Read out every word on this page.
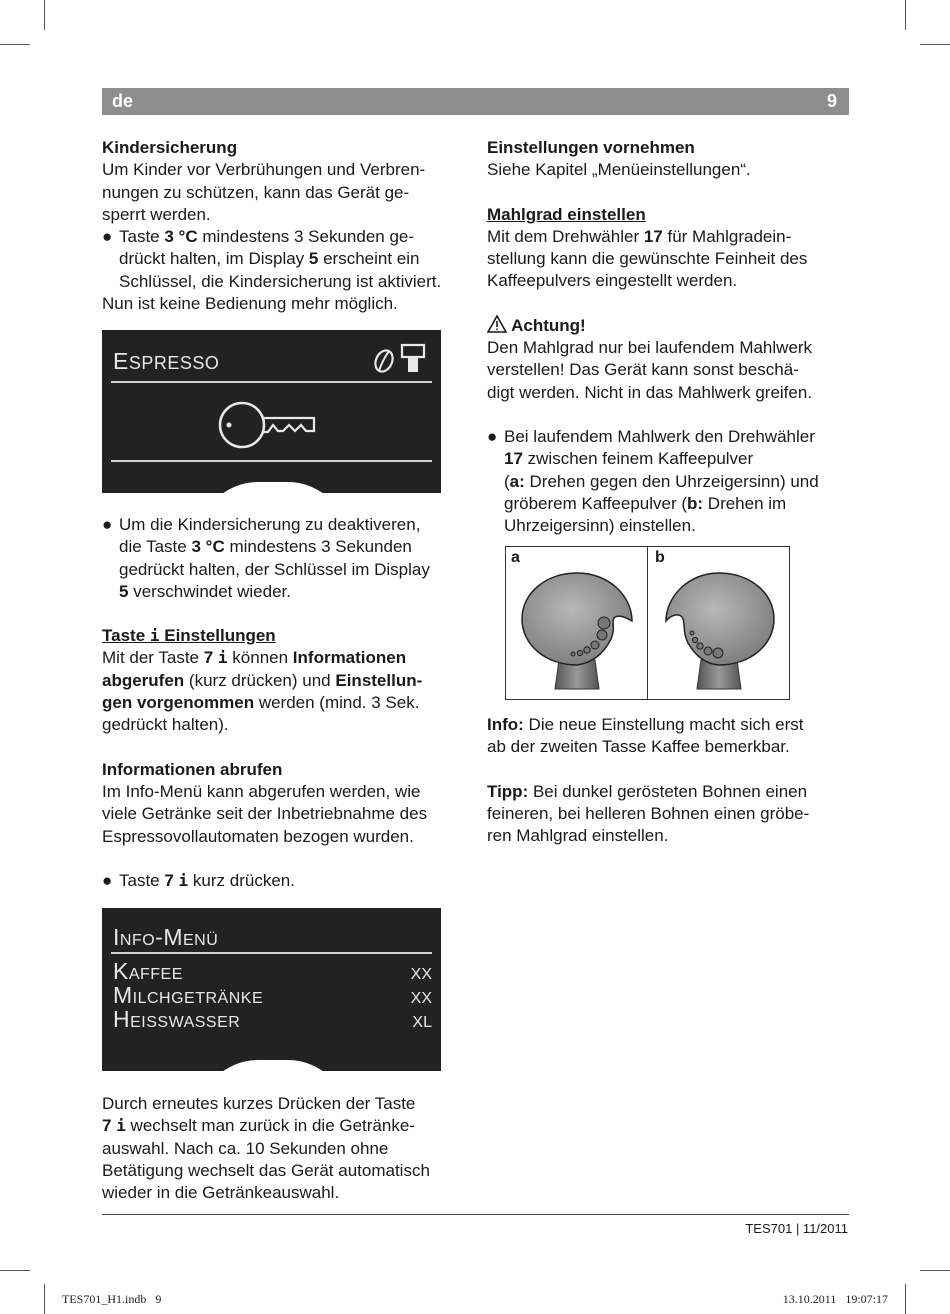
de	9

Kindersicherung

Um Kinder vor Verbrühungen und Verbren-
nungen zu schützen, kann das Gerät ge-
sperrt werden.

● Taste 3 °C mindestens 3 Sekunden ge-
drückt halten, im Display 5 erscheint ein
Schlüssel, die Kindersicherung ist aktiviert.

Nun ist keine Bedienung mehr möglich.

ESPRESSO
● Um die Kindersicherung zu deaktiveren,
die Taste 3 °C mindestens 3 Sekunden
gedrückt halten, der Schlüssel im Display
5 verschwindet wieder.

Taste i Einstellungen

Mit der Taste 7 i können Informationen
abgerufen (kurz drücken) und Einstellun-
gen vorgenommen werden (mind. 3 Sek.
gedrückt halten).

Informationen abrufen

Im Info-Menü kann abgerufen werden, wie
viele Getränke seit der Inbetriebnahme des
Espressovollautomaten bezogen wurden.

● Taste 7 i kurz drücken.
Info-Menü
Kaffee	xx
Milchgetränke	xx
Heisswasser	xl

Durch erneutes kurzes Drücken der Taste
7 i wechselt man zurück in die Getränke-
auswahl. Nach ca. 10 Sekunden ohne
Betätigung wechselt das Gerät automatisch
wieder in die Getränkeauswahl.

Einstellungen vornehmen

Siehe Kapitel „Menüeinstellungen“.

Mahlgrad einstellen

Mit dem Drehwähler 17 für Mahlgradein-
stellung kann die gewünschte Feinheit des
Kaffeepulvers eingestellt werden.

Achtung!

Den Mahlgrad nur bei laufendem Mahlwerk
verstellen! Das Gerät kann sonst beschä-
digt werden. Nicht in das Mahlwerk greifen.

● Bei laufendem Mahlwerk den Drehwähler
17 zwischen feinem Kaffeepulver
(a: Drehen gegen den Uhrzeigersinn) und
gröberem Kaffeepulver (b: Drehen im
Uhrzeigersinn) einstellen.
a	b

Info: Die neue Einstellung macht sich erst
ab der zweiten Tasse Kaffee bemerkbar.

Tipp: Bei dunkel gerösteten Bohnen einen
feineren, bei helleren Bohnen einen gröbe-
ren Mahlgrad einstellen.

TES701 | 11/2011
TES701_H1.indb   9	13.10.2011   19:07:17
